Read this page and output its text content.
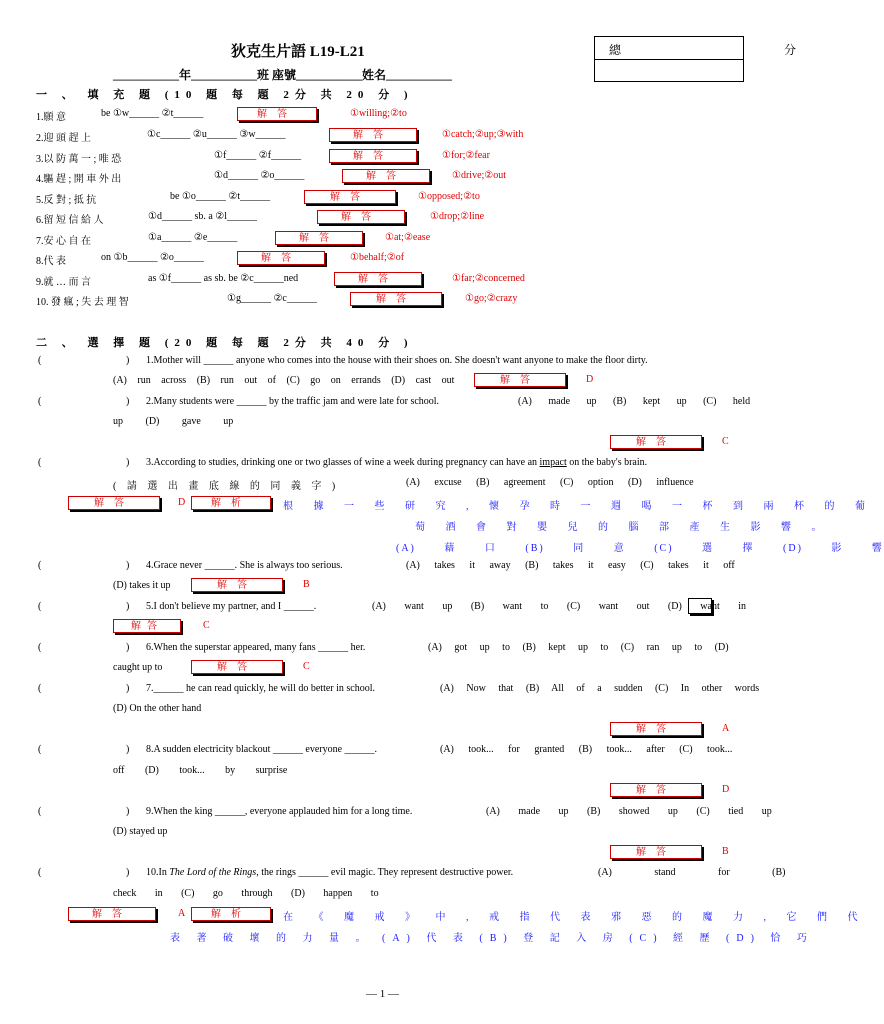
狄克生片語 L19-L21
___________年___________班 座號___________姓名___________
總 分
一 、 填 充 題 (10 題 每 題 2分 共 20 分 )
1.願 意	be ①w______ ②t______	解答	①willing;②to
2.迎 頭 趕 上	①c______ ②u______ ③w______	解答	①catch;②up;③with
3.以 防 萬 一 ; 唯 恐	①f______ ②f______	解答	①for;②fear
4.驅 趕 ; 開 車 外 出	①d______ ②o______	解答	①drive;②out
5.反 對 ; 抵 抗	be ①o______ ②t______	解答	①opposed;②to
6.留 短 信 給 人	①d______ sb. a ②l______	解答	①drop;②line
7.安 心 自 在	①a______ ②e______	解答	①at;②ease
8.代 表	on ①b______ ②o______	解答	①behalf;②of
9.就 … 而 言	as ①f______ as sb. be ②c______ned	解答	①far;②concerned
10. 發 瘋 ; 失 去 理 智	①g______ ②c______	解答	①go;②crazy
二 、 選 擇 題 (20 題 每 題 2分 共 40 分 )
(	) 1.Mother will ______ anyone who comes into the house with their shoes on. She doesn't want anyone to make the floor dirty.
(A) run across (B) run out of (C) go on errands (D) cast out	解答	D
(	) 2.Many students were ______ by the traffic jam and were late for school.	(A) made up (B) kept up (C) held
up (D) gave up
解答	C
(	) 3.According to studies, drinking one or two glasses of wine a week during pregnancy can have an impact on the baby's brain.
( 請 選 出 畫 底 線 的 同 義 字 )	(A) excuse (B) agreement (C) option (D) influence
解答	D	解析	根 據 一 些 研 究 , 懷 孕 時 一 週 喝 一 杯 到 兩 杯 的 葡
萄 酒 會 對 嬰 兒 的 腦 部 產 生 影 響 。
(A) 藉 口 (B) 同 意 (C) 選 擇 (D) 影 響
(	) 4.Grace never ______. She is always too serious.	(A) takes it away (B) takes it easy (C) takes it off
(D) takes it up	解答	B
(	) 5.I don't believe my partner, and I ______.	(A) want up (B) want to (C) want out (D) want in
解答	C
(	) 6.When the superstar appeared, many fans ______ her.	(A) got up to (B) kept up to (C) ran up to (D)
caught up to	解答	C
(	) 7.______ he can read quickly, he will do better in school.	(A) Now that (B) All of a sudden (C) In other words
(D) On the other hand
解答	A
(	) 8.A sudden electricity blackout ______ everyone ______.	(A) took... for granted (B) took... after (C) took...
off (D) took... by surprise
解答	D
(	) 9.When the king ______, everyone applauded him for a long time.	(A) made up (B) showed up (C) tied up
(D) stayed up
解答	B
(	) 10.In The Lord of the Rings, the rings ______ evil magic. They represent destructive power.	(A) stand for (B)
check in (C) go through (D) happen to
解答	A	解析	在 《 魔 戒 》 中 , 戒 指 代 表 邪 惡 的 魔 力 , 它 們 代
表 著 破 壞 的 力 量 。 (A) 代 表 (B) 登 記 入 房 (C) 經 歷 (D) 恰 巧
— 1 —
